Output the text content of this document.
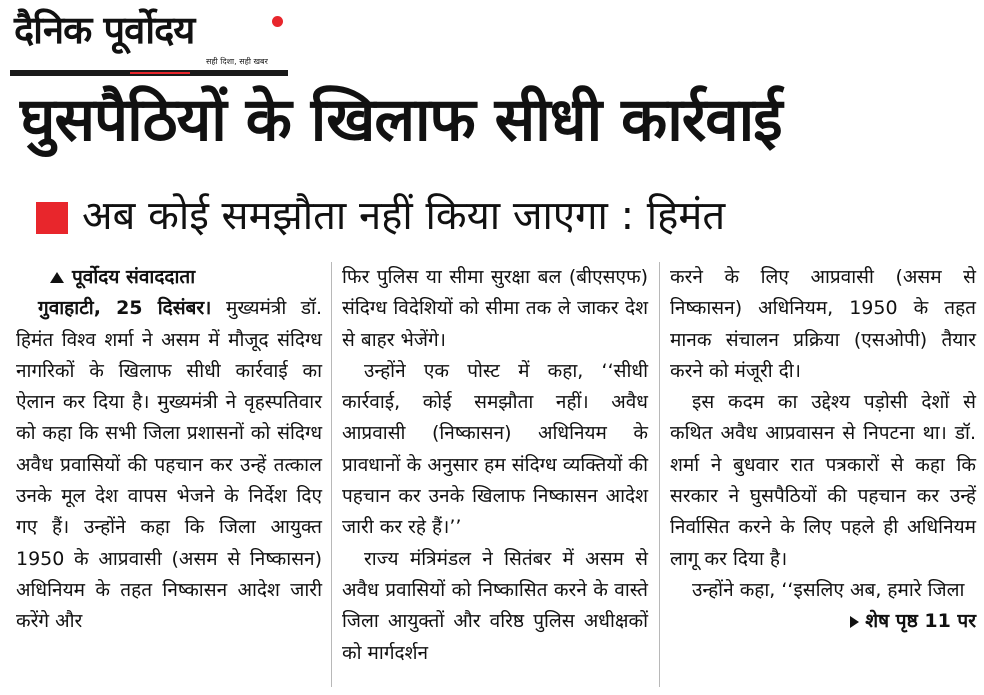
दैनिक पूर्वोदय
सही दिशा, सही खबर
घुसपैठियों के खिलाफ सीधी कार्रवाई
अब कोई समझौता नहीं किया जाएगा : हिमंत
पूर्वोदय संवाददाता

गुवाहाटी, 25 दिसंबर। मुख्यमंत्री डॉ. हिमंत विश्व शर्मा ने असम में मौजूद संदिग्ध नागरिकों के खिलाफ सीधी कार्रवाई का ऐलान कर दिया है। मुख्यमंत्री ने वृहस्पतिवार को कहा कि सभी जिला प्रशासनों को संदिग्ध अवैध प्रवासियों की पहचान कर उन्हें तत्काल उनके मूल देश वापस भेजने के निर्देश दिए गए हैं। उन्होंने कहा कि जिला आयुक्त 1950 के आप्रवासी (असम से निष्कासन) अधिनियम के तहत निष्कासन आदेश जारी करेंगे और

फिर पुलिस या सीमा सुरक्षा बल (बीएसएफ) संदिग्ध विदेशियों को सीमा तक ले जाकर देश से बाहर भेजेंगे।

उन्होंने एक पोस्ट में कहा, ‘‘सीधी कार्रवाई, कोई समझौता नहीं। अवैध आप्रवासी (निष्कासन) अधिनियम के प्रावधानों के अनुसार हम संदिग्ध व्यक्तियों की पहचान कर उनके खिलाफ निष्कासन आदेश जारी कर रहे हैं।’’

राज्य मंत्रिमंडल ने सितंबर में असम से अवैध प्रवासियों को निष्कासित करने के वास्ते जिला आयुक्तों और वरिष्ठ पुलिस अधीक्षकों को मार्गदर्शन

करने के लिए आप्रवासी (असम से निष्कासन) अधिनियम, 1950 के तहत मानक संचालन प्रक्रिया (एसओपी) तैयार करने को मंजूरी दी।

इस कदम का उद्देश्य पड़ोसी देशों से कथित अवैध आप्रवासन से निपटना था। डॉ. शर्मा ने बुधवार रात पत्रकारों से कहा कि सरकार ने घुसपैठियों की पहचान कर उन्हें निर्वासित करने के लिए पहले ही अधिनियम लागू कर दिया है।

उन्होंने कहा, ‘‘इसलिए अब, हमारे जिला
शेष पृष्ठ 11 पर
